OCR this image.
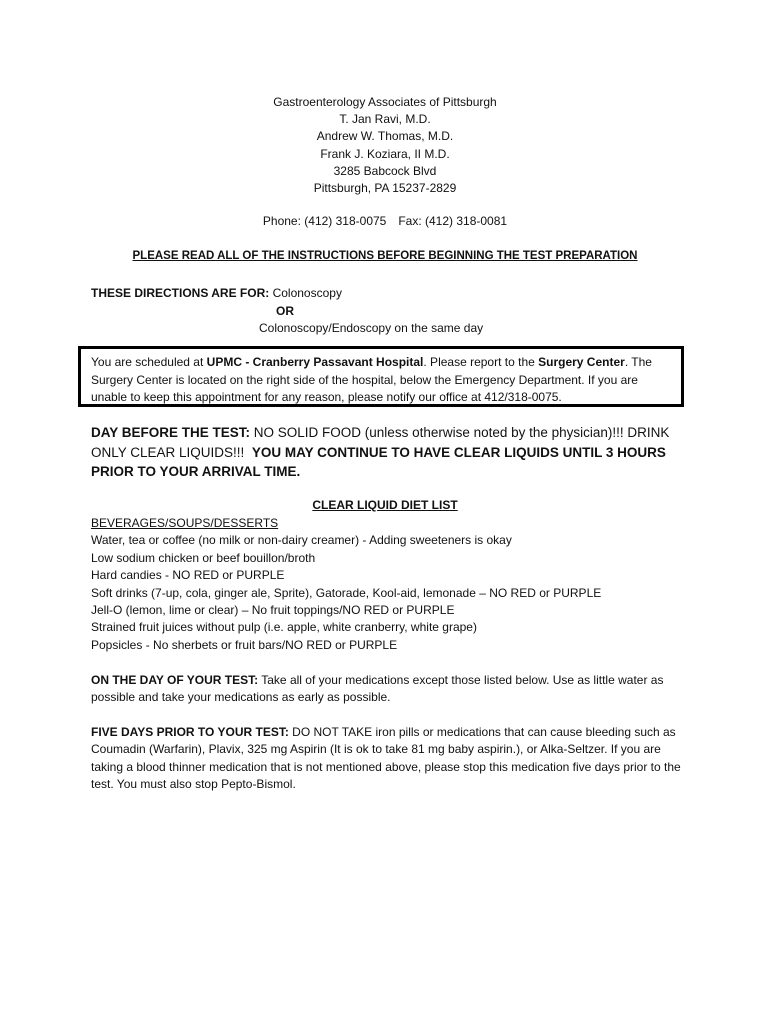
Gastroenterology Associates of Pittsburgh
T. Jan Ravi, M.D.
Andrew W. Thomas, M.D.
Frank J. Koziara, II M.D.
3285 Babcock Blvd
Pittsburgh, PA 15237-2829
Phone: (412) 318-0075 Fax: (412) 318-0081
PLEASE READ ALL OF THE INSTRUCTIONS BEFORE BEGINNING THE TEST PREPARATION
THESE DIRECTIONS ARE FOR: Colonoscopy
OR
Colonoscopy/Endoscopy on the same day
You are scheduled at UPMC - Cranberry Passavant Hospital. Please report to the Surgery Center. The Surgery Center is located on the right side of the hospital, below the Emergency Department. If you are unable to keep this appointment for any reason, please notify our office at 412/318-0075.
DAY BEFORE THE TEST: NO SOLID FOOD (unless otherwise noted by the physician)!!! DRINK ONLY CLEAR LIQUIDS!!!  YOU MAY CONTINUE TO HAVE CLEAR LIQUIDS UNTIL 3 HOURS PRIOR TO YOUR ARRIVAL TIME.
CLEAR LIQUID DIET LIST
BEVERAGES/SOUPS/DESSERTS
Water, tea or coffee (no milk or non-dairy creamer) - Adding sweeteners is okay
Low sodium chicken or beef bouillon/broth
Hard candies - NO RED or PURPLE
Soft drinks (7-up, cola, ginger ale, Sprite), Gatorade, Kool-aid, lemonade – NO RED or PURPLE
Jell-O (lemon, lime or clear) – No fruit toppings/NO RED or PURPLE
Strained fruit juices without pulp (i.e. apple, white cranberry, white grape)
Popsicles - No sherbets or fruit bars/NO RED or PURPLE
ON THE DAY OF YOUR TEST: Take all of your medications except those listed below. Use as little water as possible and take your medications as early as possible.
FIVE DAYS PRIOR TO YOUR TEST: DO NOT TAKE iron pills or medications that can cause bleeding such as Coumadin (Warfarin), Plavix, 325 mg Aspirin (It is ok to take 81 mg baby aspirin.), or Alka-Seltzer. If you are taking a blood thinner medication that is not mentioned above, please stop this medication five days prior to the test. You must also stop Pepto-Bismol.
